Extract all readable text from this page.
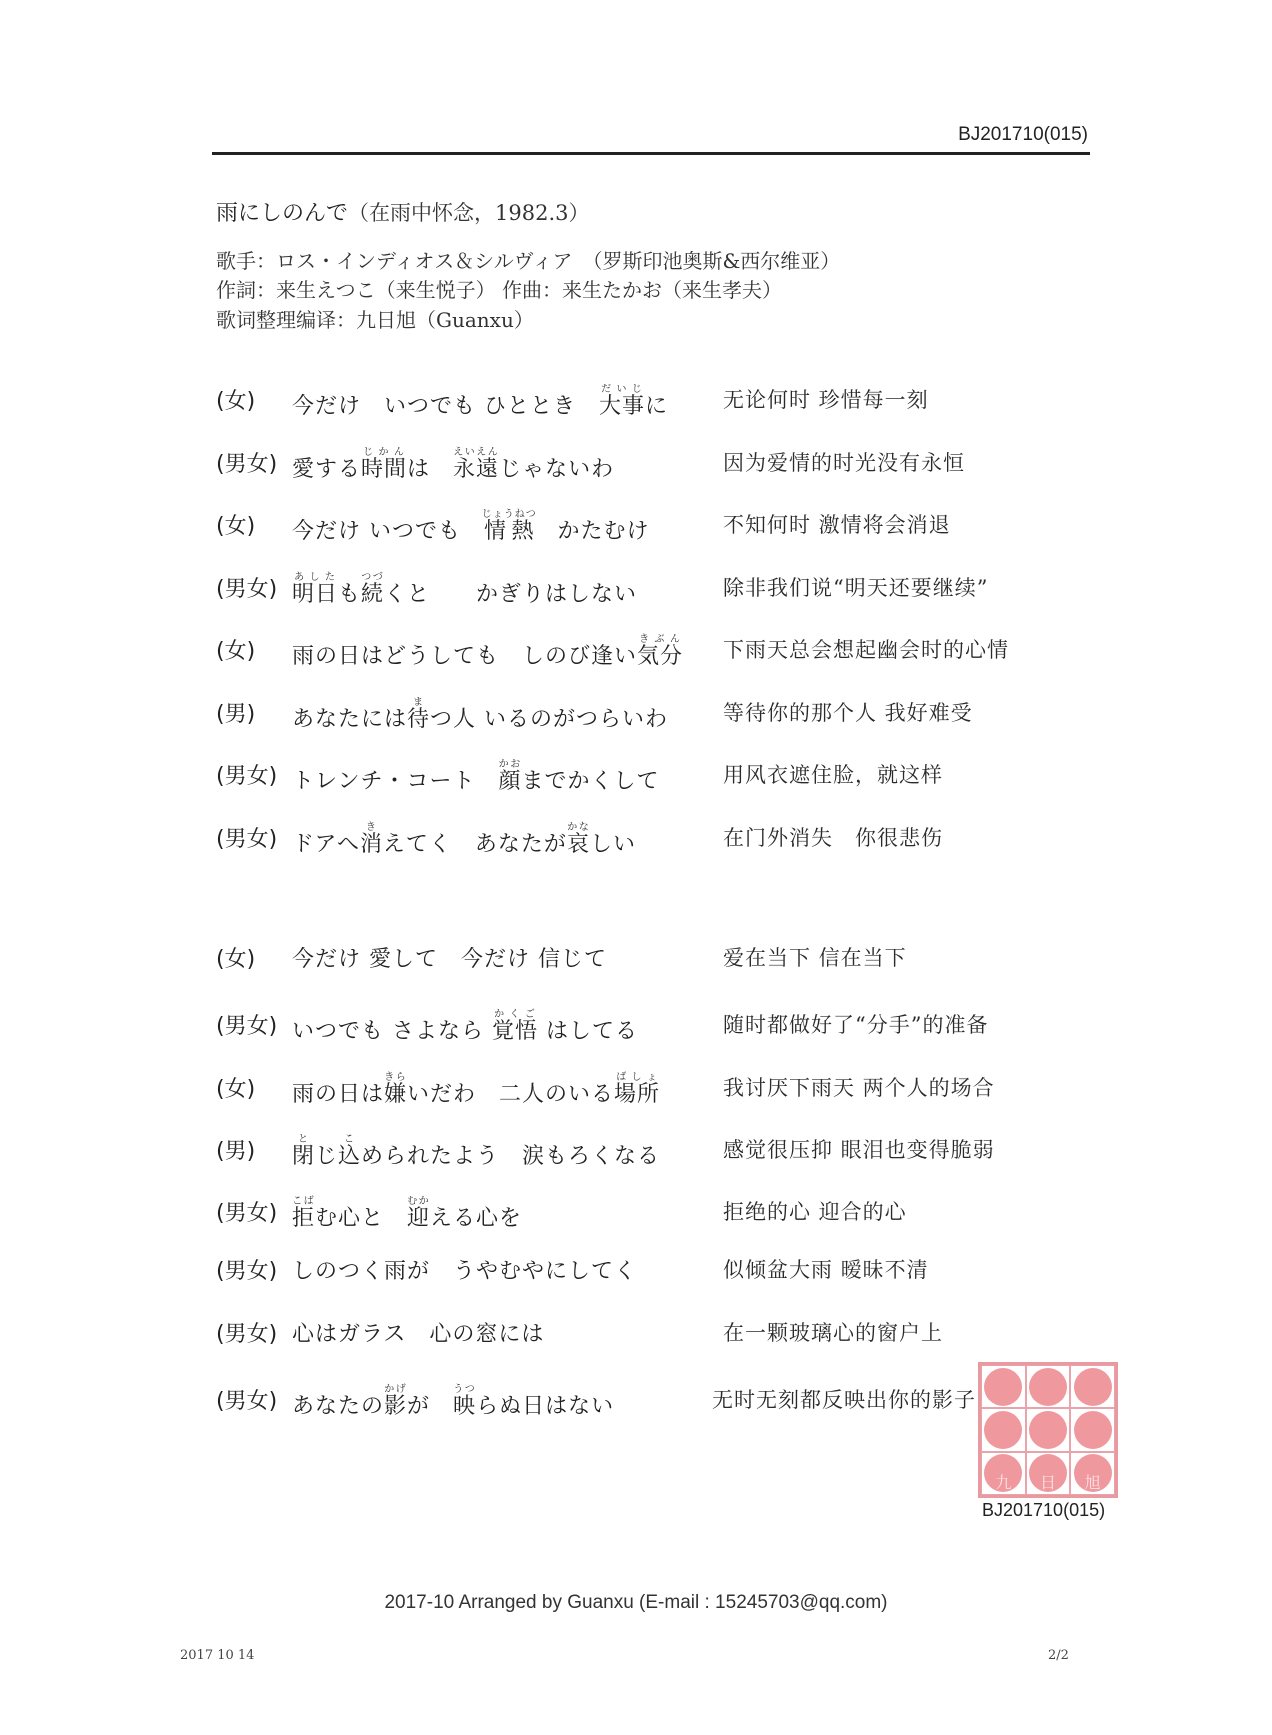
BJ201710(015)
雨にしのんで（在雨中怀念，1982.3）
歌手：ロス・インディオス＆シルヴィア　（罗斯印池奥斯&西尔维亚）
作詞：来生えつこ（来生悦子） 作曲：来生たかお（来生孝夫）
歌词整理编译：九日旭（Guanxu）
(女) 今だけ　いつでも ひととき　大事だいじに	无论何时 珍惜每一刻
(男女) 愛する時間じかんは　永遠えいえんじゃないわ	因为爱情的时光没有永恒
(女) 今だけ いつでも　情熱じょうねつ　かたむけ	不知何时 激情将会消退
(男女) 明日あしたも続つづくと　　かぎりはしない	除非我们说“明天还要继续”
(女) 雨の日はどうしても　しのび逢い気分きぶん 下雨天总会想起幽会时的心情
(男) あなたには待まつ人 いるのがつらいわ	等待你的那个人 我好难受
(男女) トレンチ・コート　顔かおまでかくして	用风衣遮住脸，就这样
(男女) ドアへ消きえてく　あなたが哀かなしい	在门外消失　你很悲伤
(女) 今だけ 愛して　今だけ 信じて	爱在当下 信在当下
(男女) いつでも さよなら 覚悟かくご はしてる	随时都做好了“分手”的准备
(女) 雨の日は嫌きらいだわ　二人のいる場所ばしょ	我讨厌下雨天 两个人的场合
(男) 閉とじ込こめられたよう　涙もろくなる	感觉很压抑 眼泪也变得脆弱
(男女) 拒こばむ心と　迎むかえる心を	拒绝的心 迎合的心
(男女) しのつく雨が　うやむやにしてく	似倾盆大雨 暧昧不清
(男女) 心はガラス　心の窓には	在一颗玻璃心的窗户上
(男女) あなたの影かげが　映うつらぬ日はない	无时无刻都反映出你的影子
九	日	旭
BJ201710(015)
2017-10 Arranged by Guanxu (E-mail : 15245703@qq.com)
2017 10 14	2/2
